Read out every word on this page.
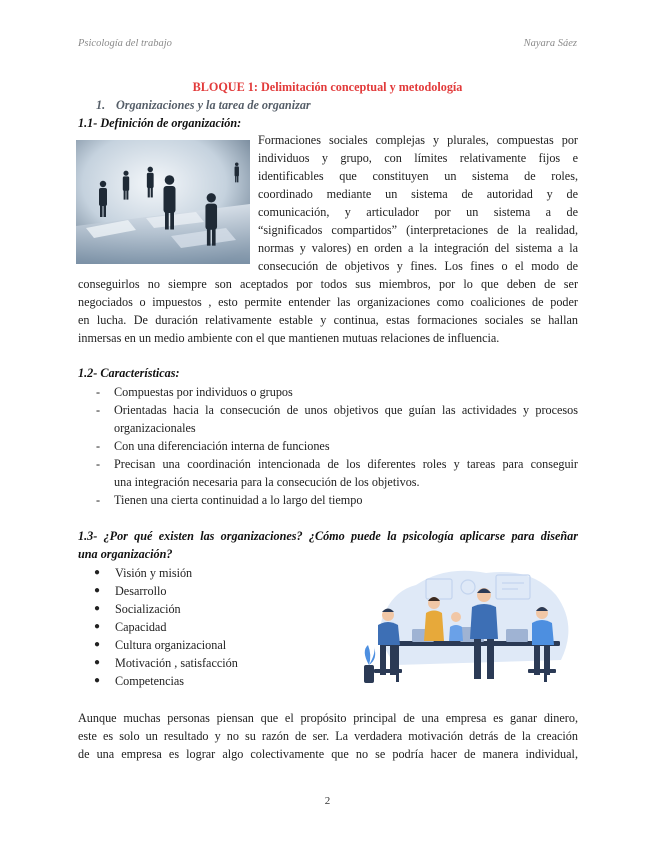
Psicología del trabajo	Nayara Sáez
BLOQUE 1: Delimitación conceptual y metodología
1. Organizaciones y la tarea de organizar
1.1- Definición de organización:
Formaciones sociales complejas y plurales, compuestas por
individuos y grupo, con límites relativamente fijos e
identificables que constituyen un sistema de roles,
coordinado mediante un sistema de autoridad y de
comunicación, y articulador por un sistema a de
“significados compartidos” (interpretaciones de la realidad,
normas y valores) en orden a la integración del sistema a la
consecución de objetivos y fines. Los fines o el modo de
conseguirlos no siempre son aceptados por todos sus miembros, por lo que deben de ser
negociados o impuestos , esto permite entender las organizaciones como coaliciones de poder
en lucha. De duración relativamente estable y continua, estas formaciones sociales se hallan
inmersas en un medio ambiente con el que mantienen mutuas relaciones de influencia.
1.2- Características:
- Compuestas por individuos o grupos
- Orientadas hacia la consecución de unos objetivos que guían las actividades y procesos
organizacionales
- Con una diferenciación interna de funciones
- Precisan una coordinación intencionada de los diferentes roles y tareas para conseguir
una integración necesaria para la consecución de los objetivos.
- Tienen una cierta continuidad a lo largo del tiempo
1.3- ¿Por qué existen las organizaciones? ¿Cómo puede la psicología aplicarse para diseñar
una organización?
● Visión y misión
● Desarrollo
● Socialización
● Capacidad
● Cultura organizacional
● Motivación , satisfacción
● Competencias
Aunque muchas personas piensan que el propósito principal de una empresa es ganar dinero,
este es solo un resultado y no su razón de ser. La verdadera motivación detrás de la creación
de una empresa es lograr algo colectivamente que no se podría hacer de manera individual,
2
